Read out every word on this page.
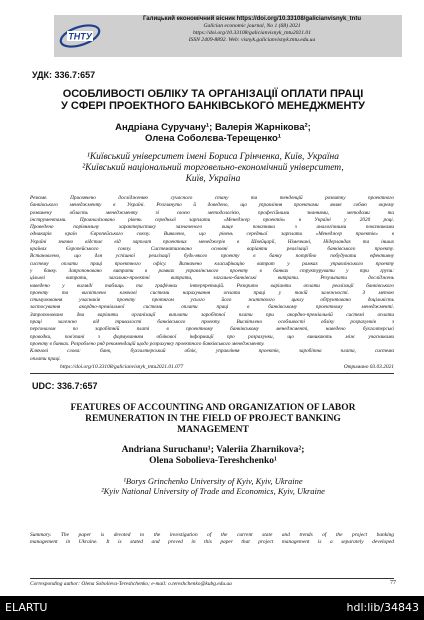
ТНТУ
Галицький економічний вісник https://doi.org/10.33108/galicianvisnyk_tntu
Galician economic journal, No 1 (68) 2021
https://doi.org/10.33108/galicianvisnyk_tntu2021.01
ISSN 2409-8892. Web: visnyk.galicianvisnyk.tntu.edu.ua
УДК: 336.7:657
ОСОБЛИВОСТІ ОБЛІКУ ТА ОРГАНІЗАЦІЇ ОПЛАТИ ПРАЦІ
У СФЕРІ ПРОЕКТНОГО БАНКІВСЬКОГО МЕНЕДЖМЕНТУ
Андріана Суручану¹; Валерія Жарнікова²;
Олена Соболєва-Терещенко¹
¹Київський університет імені Бориса Грінченка, Київ, Україна
²Київський національний торговельно-економічний університет,
Київ, Україна
Резюме. Присвячено дослідженню сучасного стану та тенденцій розвитку проектного
банківського менеджменту в Україні. Розглянуто й доведено, що управління проектами являє собою окрему
розвинену область менеджменту зі своєю методологією, професійними знаннями, методами та
інструментами. Проаналізовано рівень середньої зарплати «Менеджер проектів» в Україні у 2020 році.
Проведено порівняльну характеристику зазначеного вище показника з аналогічними показниками
однакарів країн Європейського союзу. Виявлено, що рівень середньої зарплати «Менеджер проектів» в
Україні значно відстає від зарплат проектних менеджерів в Швейцарії, Німеччині, Нідерландах та інших
країнах Європейського союзу. Систематизовано основні варіанти реалізації банківського проекту.
Встановлено, що для успішної реалізації будь-якого проекту в банку потрібно побудувати ефективну
систему оплати праці проектного офісу. Визначено класифікацію витрат у рамках управлінського проекту
у банку. Запропоновано витрати в рамках управлінського проекту в банках структурувати у три групи:
цільові витрати, загально-проектні витрати, загально-банківські витрати. Результати досліджень
наведено у вигляді таблиць та графічних інтерпретацій. Розкрито варіанти оплати реалізації банківського
проекту та висвітлено ключові системи нарахування оплати праці у такій залежності. З метою
стимулювання учасників проекту протягом усього його життєвого циклу обґрунтовано доцільність
застосування акордно-преміальної системи оплати праці в банківському проектному менеджменті.
Запропоновано два варіанти організації виплати заробітної плати при акордно-преміальній системі оплати
праці залежно від тривалості банківського проекту. Висвітлено особливості обліку розрахунків з
персоналом по заробітній платі в проектному банківському менеджменті, наведено бухгалтерські
проводки, пов'язані з формуванням облікової інформації про розрахунки, що виникають між учасниками
проекту в банках. Розроблено ряд рекомендацій щодо розрахунку проектного банківського менеджменту.
Ключові слова: банк, бухгалтерський облік, управління проектів, заробітна плата, система
оплати праці.
https://doi.org/10.33108/galicianvisnyk_tntu2021.01.077	Отримано 03.03.2021
UDC: 336.7:657
FEATURES OF ACCOUNTING AND ORGANIZATION OF LABOR
REMUNERATION IN THE FIELD OF PROJECT BANKING
MANAGEMENT
Andriana Suruchanu¹; Valeriia Zharnikova²;
Olena Sobolieva-Tereshchenko¹
¹Borys Grinchenko University of Kyiv, Kyiv, Ukraine
²Kyiv National University of Trade and Economics, Kyiv, Ukraine
Summary. The paper is devoted to the investigation of the current state and trends of the project banking
management in Ukraine. It is stated and proved in this paper that project management is a separately developed
Corresponding author: Olena Sobolieva-Tereshchenko; e-mail: o.tereshchenko@kubg.edu.ua	77
ELARTU	hdl:lib/34843
